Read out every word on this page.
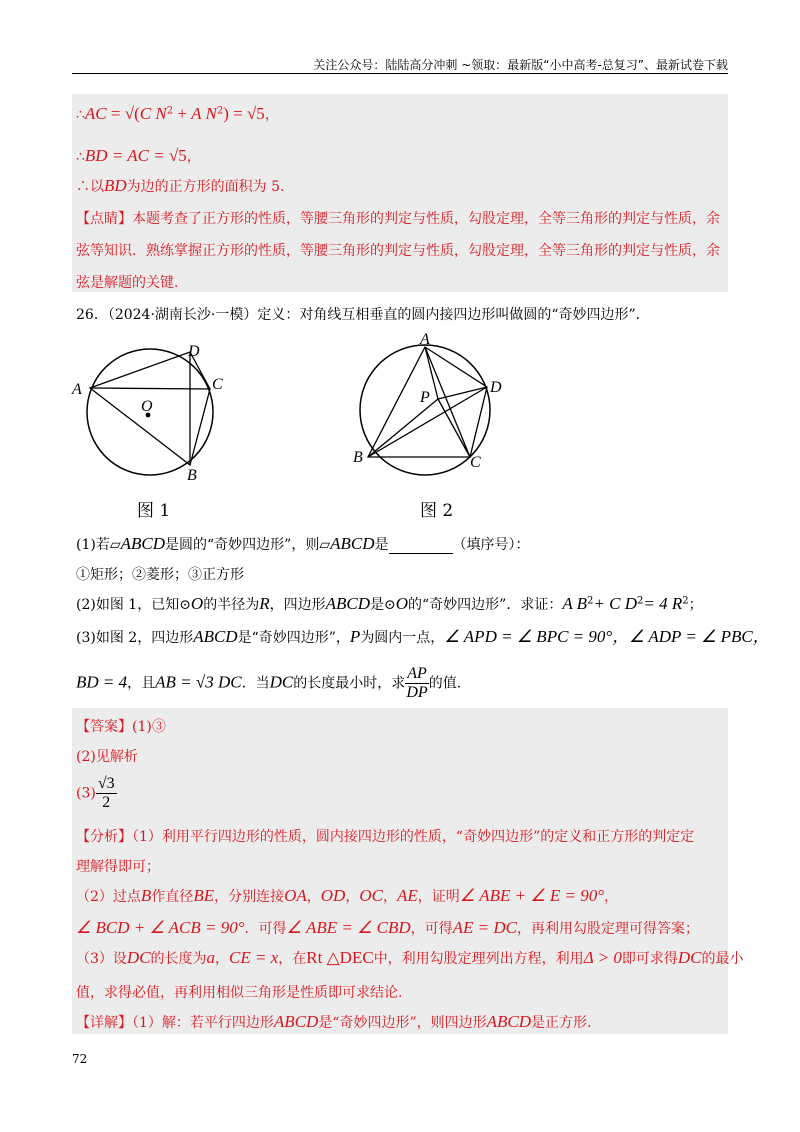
关注公众号：陆陆高分冲刺 ~领取：最新版“小中高考-总复习”、最新试卷下载
∴AC = √(C $N^2 + A$ $N^2) = √5$，
∴BD = AC = √5，
∴以BD为边的正方形的面积为 5.
【点睛】本题考查了正方形的性质，等腰三角形的判定与性质，勾股定理，全等三角形的判定与性质，余
弦等知识．熟练掌握正方形的性质，等腰三角形的判定与性质，勾股定理，全等三角形的判定与性质，余
弦是解题的关键．
26．（2024·湖南长沙·一模）定义：对角线互相垂直的圆内接四边形叫做圆的“奇妙四边形”．
A
D
C
B
O
图 1
A
D
P
B	C
图 2
(1)若▱ABCD是圆的“奇妙四边形”，则▱ABCD是	（填序号）：
①矩形；②菱形；③正方形
(2)如图 1，已知⊙O的半径为R，四边形ABCD是⊙O的“奇妙四边形”．求证：A $B^2+ C$ $D^2= 4$ $R^2$；
(3)如图 2，四边形ABCD是“奇妙四边形”，P为圆内一点，∠ APD = ∠ BPC = 90°，∠ ADP = ∠ PBC，
BD = 4，且AB = √3 DC．当DC的长度最小时，求 $\frac{AP}{DP}$ 的值.
【答案】(1)③
(2)见解析
$(3) \frac{√3}{2}$
【分析】（1）利用平行四边形的性质，圆内接四边形的性质，“奇妙四边形”的定义和正方形的判定定
理解得即可；
（2）过点B作直径BE，分别连接OA，OD，OC，AE，证明∠ ABE + ∠ E = 90°，
∠ BCD + ∠ ACB = 90°．可得∠ ABE = ∠ CBD，可得AE = DC，再利用勾股定理可得答案；
（3）设DC的长度为a，CE = x，在Rt △DEC中，利用勾股定理列出方程，利用Δ > 0即可求得DC的最小
值，求得必值，再利用相似三角形是性质即可求结论.
【详解】（1）解：若平行四边形ABCD是“奇妙四边形”，则四边形ABCD是正方形.
72
